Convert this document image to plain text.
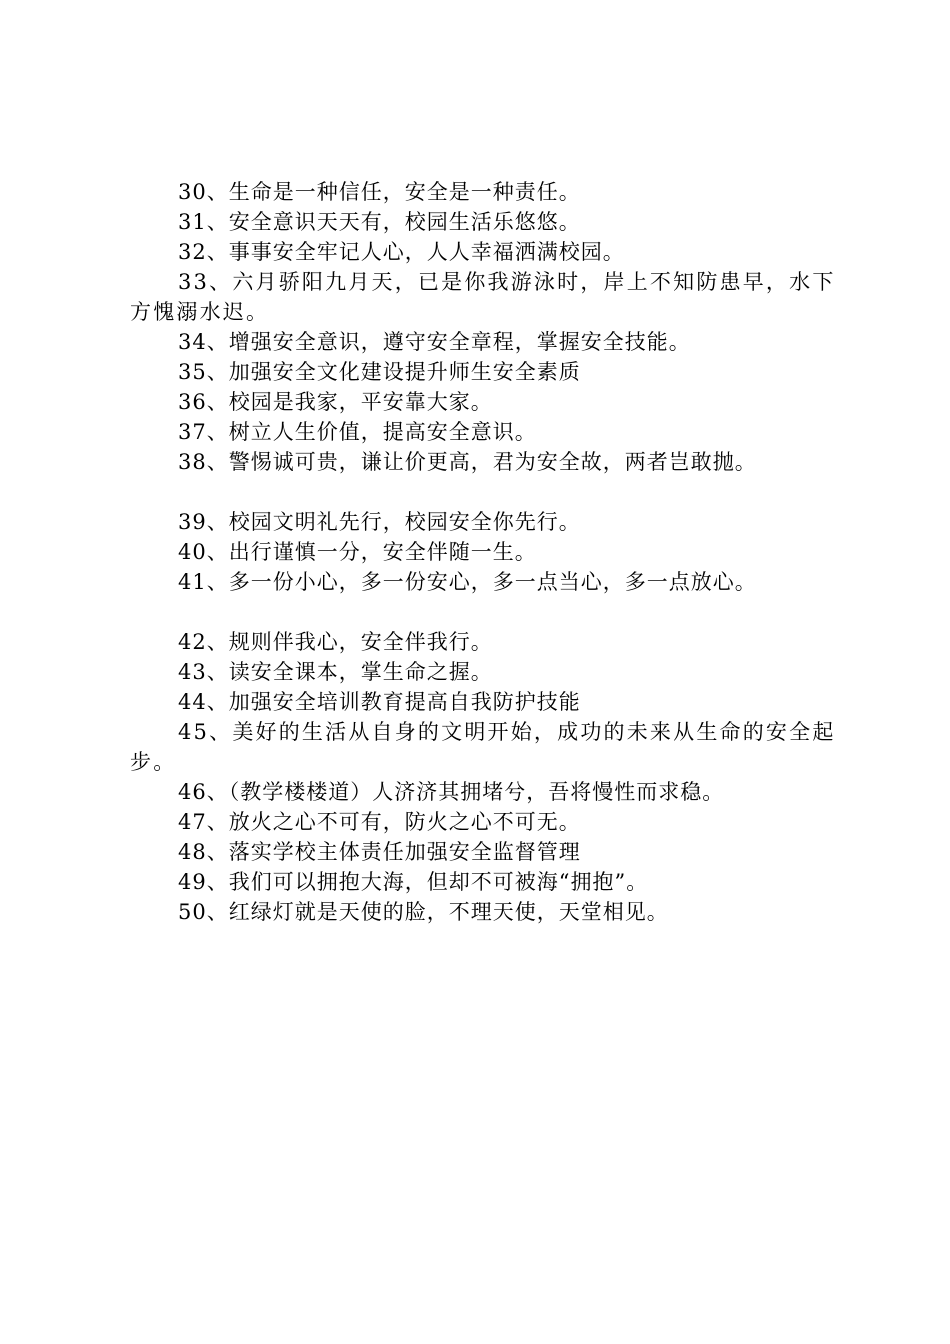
30、生命是一种信任，安全是一种责任。

31、安全意识天天有，校园生活乐悠悠。

32、事事安全牢记人心，人人幸福洒满校园。

33、六月骄阳九月天，已是你我游泳时，岸上不知防患早，水下方愧溺水迟。

34、增强安全意识，遵守安全章程，掌握安全技能。

35、加强安全文化建设提升师生安全素质

36、校园是我家，平安靠大家。

37、树立人生价值，提高安全意识。

38、警惕诚可贵，谦让价更高，君为安全故，两者岂敢抛。

39、校园文明礼先行，校园安全你先行。

40、出行谨慎一分，安全伴随一生。

41、多一份小心，多一份安心，多一点当心，多一点放心。

42、规则伴我心，安全伴我行。

43、读安全课本，掌生命之握。

44、加强安全培训教育提高自我防护技能

45、美好的生活从自身的文明开始，成功的未来从生命的安全起步。

46、（教学楼楼道）人济济其拥堵兮，吾将慢性而求稳。

47、放火之心不可有，防火之心不可无。

48、落实学校主体责任加强安全监督管理

49、我们可以拥抱大海，但却不可被海“拥抱”。

50、红绿灯就是天使的脸，不理天使，天堂相见。
